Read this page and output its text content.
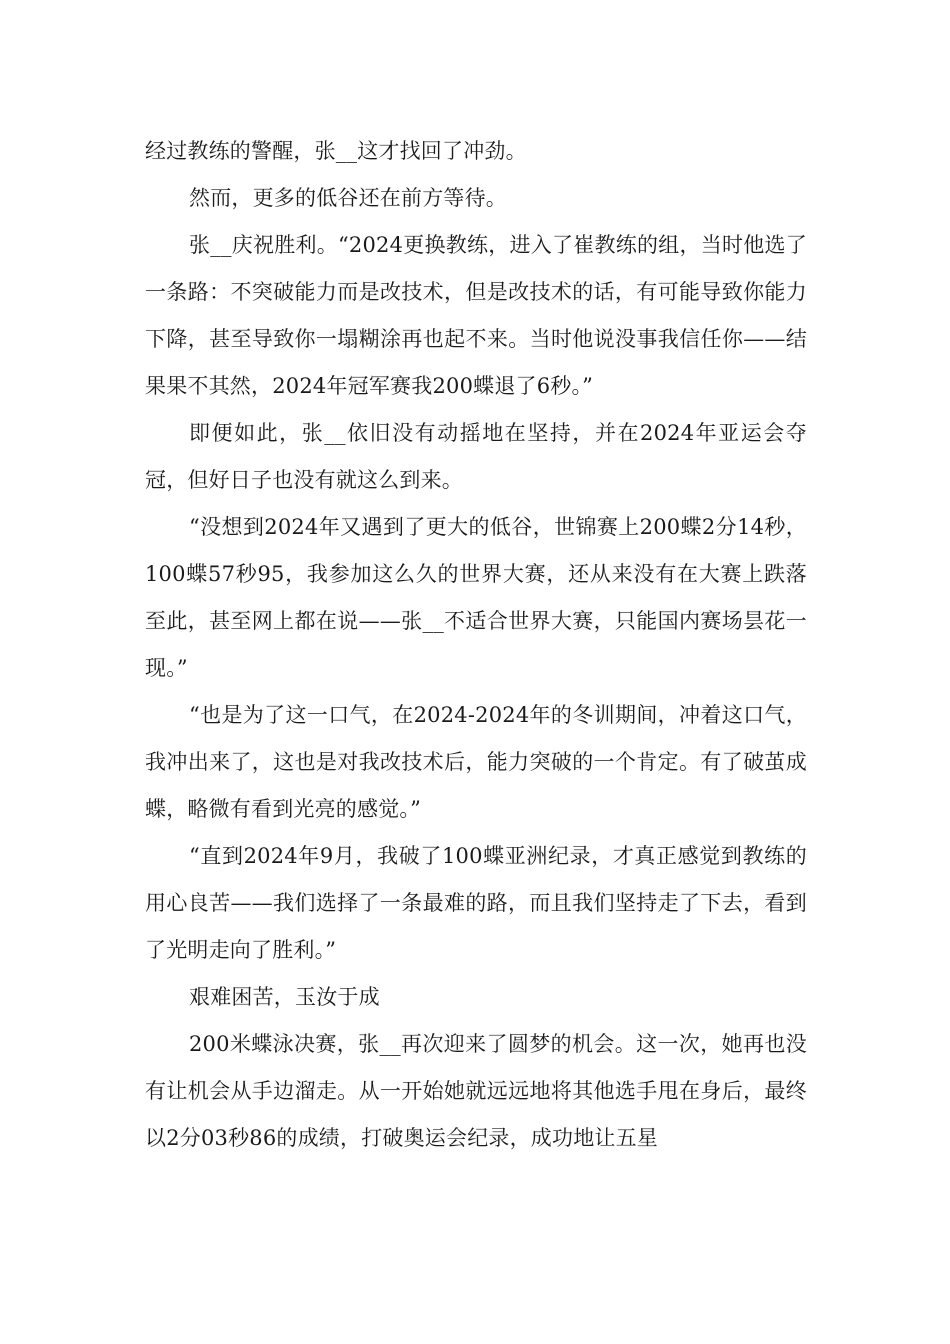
经过教练的警醒，张__这才找回了冲劲。

然而，更多的低谷还在前方等待。

张__庆祝胜利。“2024更换教练，进入了崔教练的组，当时他选了一条路：不突破能力而是改技术，但是改技术的话，有可能导致你能力下降，甚至导致你一塌糊涂再也起不来。当时他说没事我信任你——结果果不其然，2024年冠军赛我200蝶退了6秒。”

即便如此，张__依旧没有动摇地在坚持，并在2024年亚运会夺冠，但好日子也没有就这么到来。

“没想到2024年又遇到了更大的低谷，世锦赛上200蝶2分14秒，100蝶57秒95，我参加这么久的世界大赛，还从来没有在大赛上跌落至此，甚至网上都在说——张__不适合世界大赛，只能国内赛场昙花一现。”

“也是为了这一口气，在2024-2024年的冬训期间，冲着这口气，我冲出来了，这也是对我改技术后，能力突破的一个肯定。有了破茧成蝶，略微有看到光亮的感觉。”

“直到2024年9月，我破了100蝶亚洲纪录，才真正感觉到教练的用心良苦——我们选择了一条最难的路，而且我们坚持走了下去，看到了光明走向了胜利。”

艰难困苦，玉汝于成

200米蝶泳决赛，张__再次迎来了圆梦的机会。这一次，她再也没有让机会从手边溜走。从一开始她就远远地将其他选手甩在身后，最终以2分03秒86的成绩，打破奥运会纪录，成功地让五星
